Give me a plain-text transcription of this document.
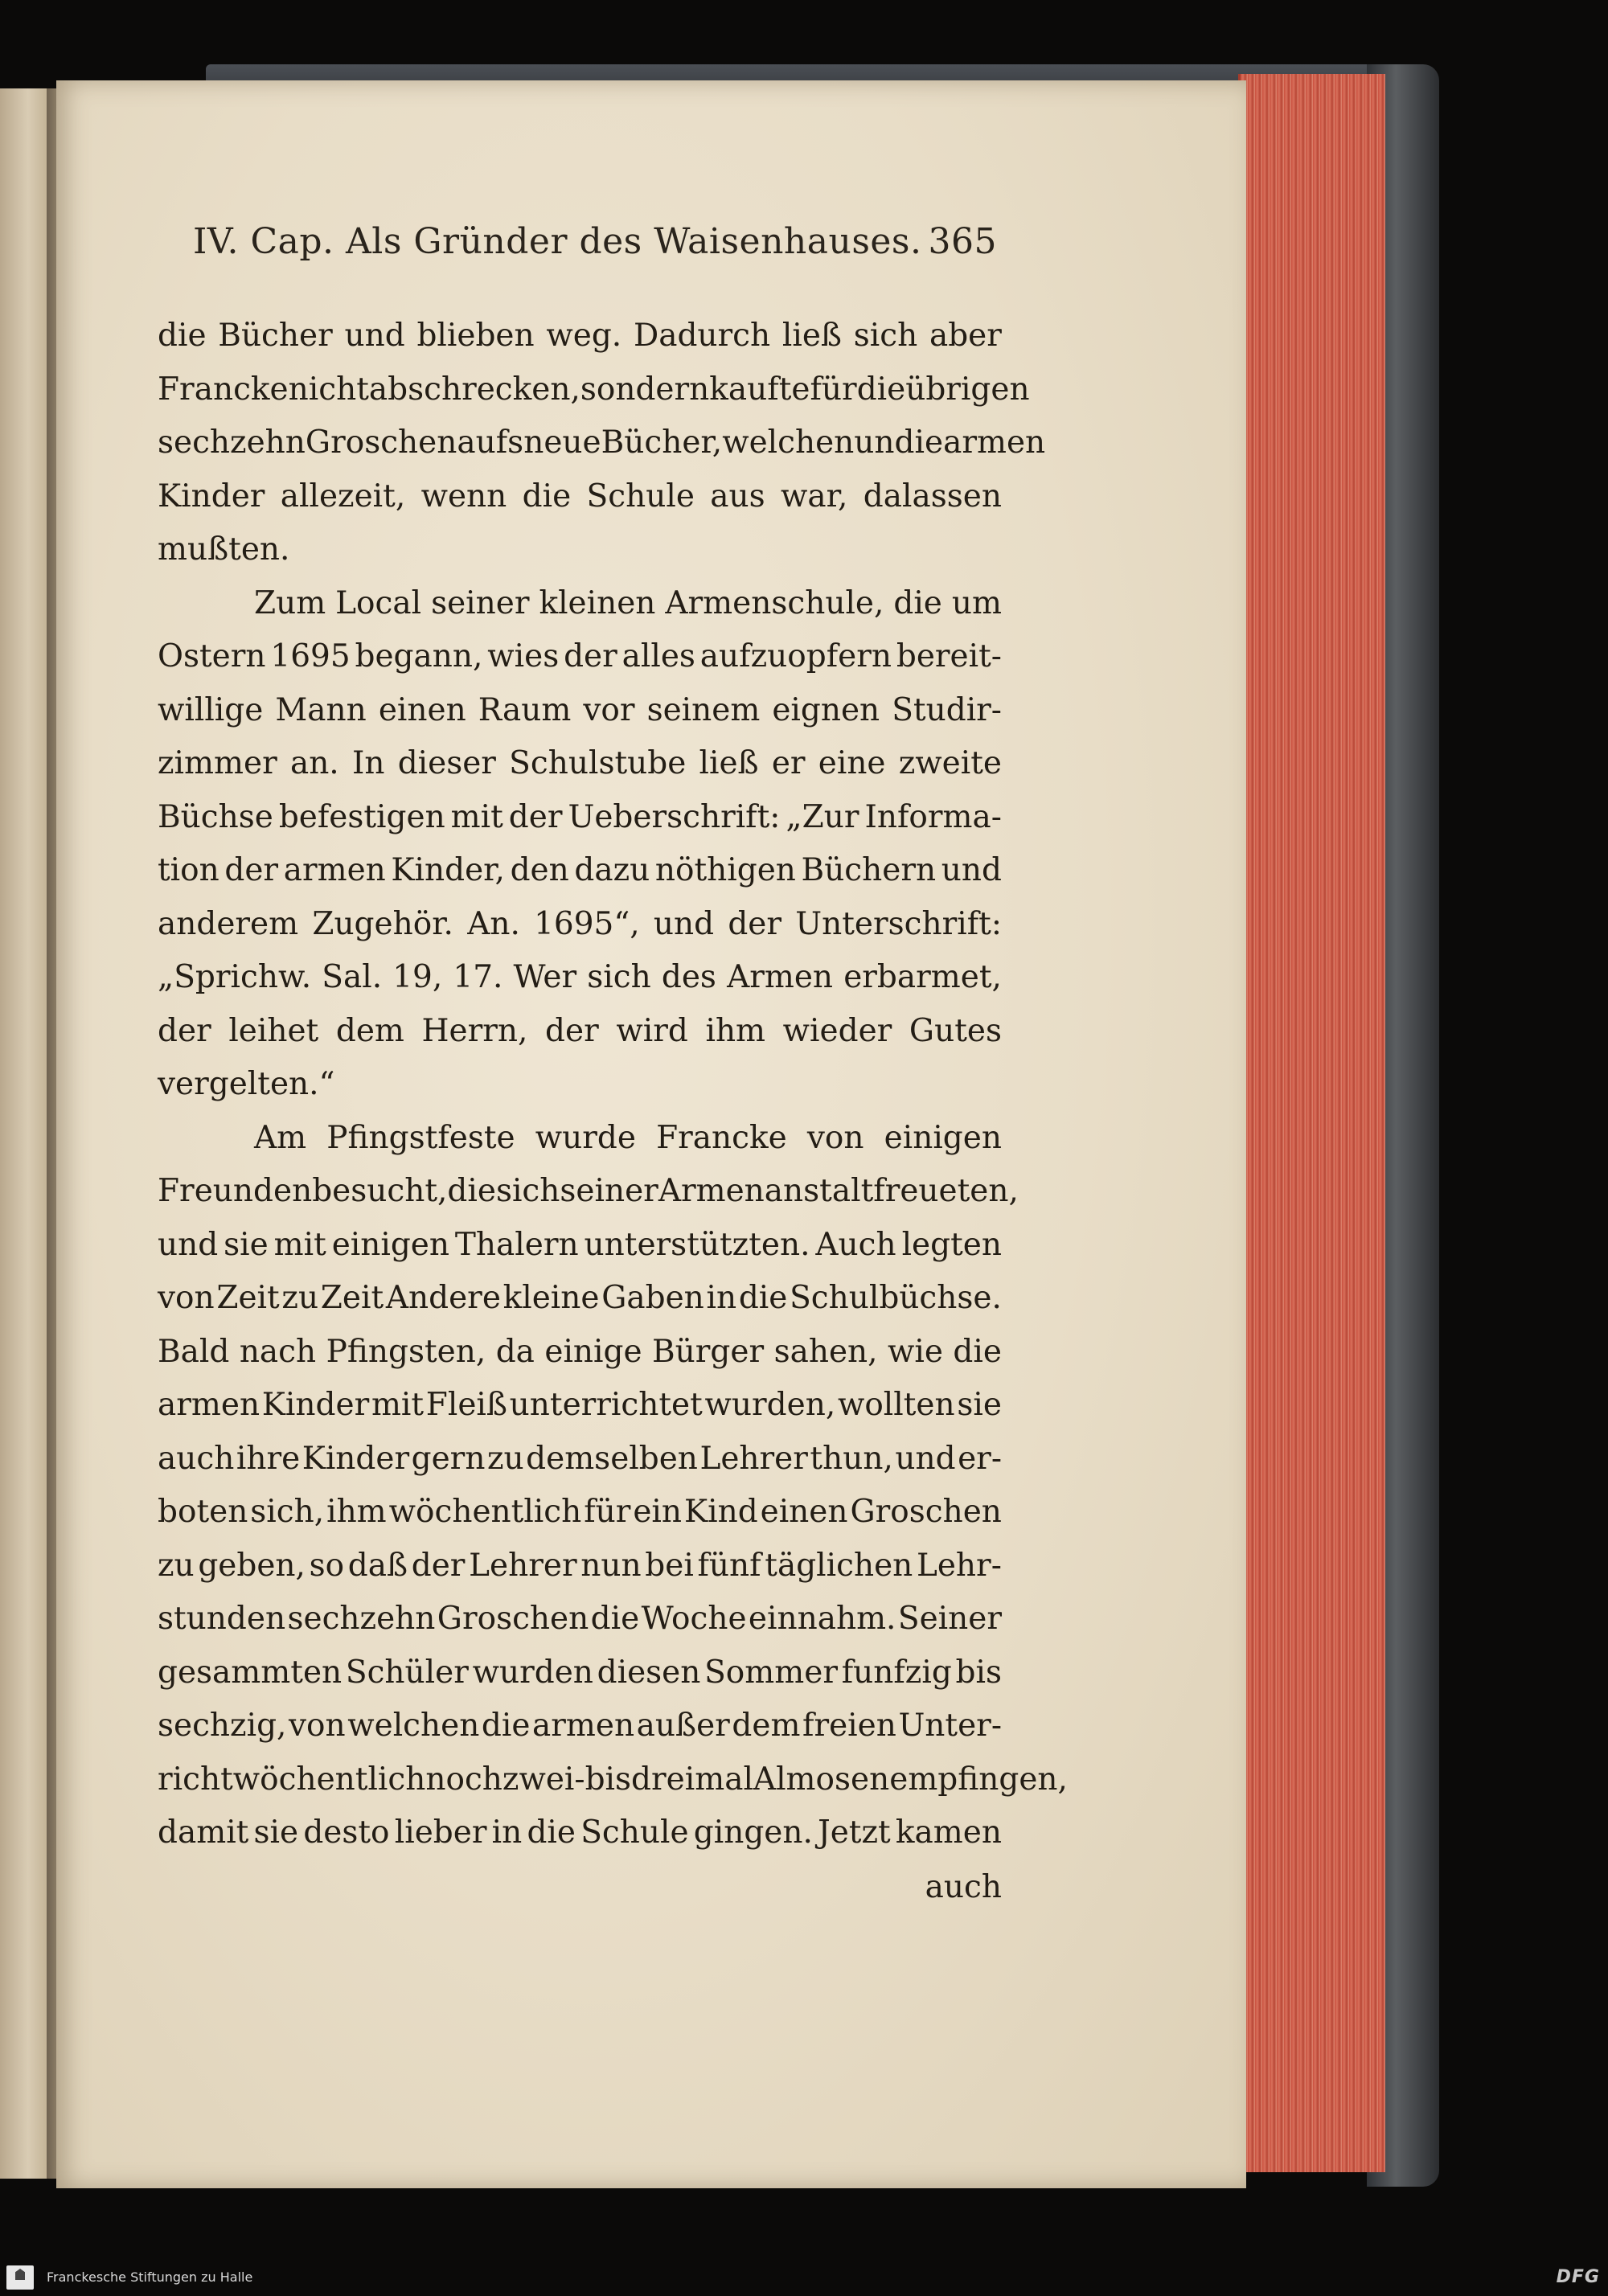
IV. Cap. Als Gründer des Waisenhauses. 365
die Bücher und blieben weg. Dadurch ließ sich aber
Francke nicht abschrecken, sondern kaufte für die übrigen
sechzehn Groschen aufs neue Bücher, welche nun die armen
Kinder allezeit, wenn die Schule aus war, dalassen
mußten.
Zum Local seiner kleinen Armenschule, die um
Ostern 1695 begann, wies der alles aufzuopfern bereit-
willige Mann einen Raum vor seinem eignen Studir-
zimmer an. In dieser Schulstube ließ er eine zweite
Büchse befestigen mit der Ueberschrift: „Zur Informa-
tion der armen Kinder, den dazu nöthigen Büchern und
anderem Zugehör. An. 1695“, und der Unterschrift:
„Sprichw. Sal. 19, 17. Wer sich des Armen erbarmet,
der leihet dem Herrn, der wird ihm wieder Gutes
vergelten.“
Am Pfingstfeste wurde Francke von einigen
Freunden besucht, die sich seiner Armenanstalt freueten,
und sie mit einigen Thalern unterstützten. Auch legten
von Zeit zu Zeit Andere kleine Gaben in die Schulbüchse.
Bald nach Pfingsten, da einige Bürger sahen, wie die
armen Kinder mit Fleiß unterrichtet wurden, wollten sie
auch ihre Kinder gern zu demselben Lehrer thun, und er-
boten sich, ihm wöchentlich für ein Kind einen Groschen
zu geben, so daß der Lehrer nun bei fünf täglichen Lehr-
stunden sechzehn Groschen die Woche einnahm. Seiner
gesammten Schüler wurden diesen Sommer funfzig bis
sechzig, von welchen die armen außer dem freien Unter-
richt wöchentlich noch zwei- bis dreimal Almosen empfingen,
damit sie desto lieber in die Schule gingen. Jetzt kamen
auch
Franckesche Stiftungen zu Halle	DFG
